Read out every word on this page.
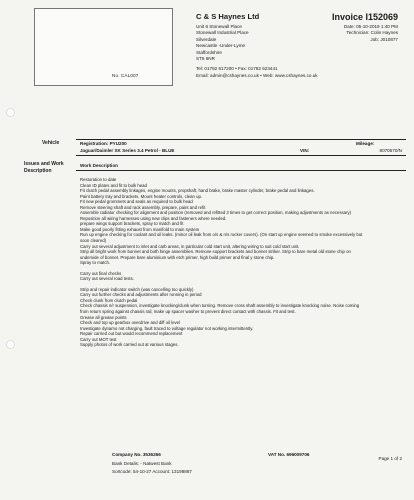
No. CAL007
C & S Haynes Ltd
Unit 6 Stonewall Place
Stonewall Industrial Place
Silverdale
Newcastle -Under-Lyme
Staffordshire
ST5 6NR
Tel: 01782 617200 • Fax: 01782 623441
Email: admin@cshaynes.co.uk • Web: www.cshaynes.co.uk
Invoice I152069
Date: 05-10-2019 1:40 PM
Technician: Colin Haynes
Job: J010877
Vehicle	Registration: PYU200	Mileage:
Jaguar/Daimler XK Series 3.4 Petrol - BLUE	VIN:	8070570/N
Issues and Work Description
Work Description
Restoration to date
Clean ID plates and fit to bulk head
Fit clutch pedal assembly linkages, engine mounts, propshaft, hand brake, brake master cylinder, brake pedal and linkages.
Paint battery tray and brackets. Mount heater controls, clean up.
Fit new pedal grommets and seals as required to bulk head
Remove steering shaft and rack assembly, prepare, paint and refit
Assemble radiator checking for alignment and position (removed and refitted 3 times to get correct position, making adjustments as necessary)
Reposition all wiring harnesses using new clips and fasteners where needed.
prepare wings support brackets, spray to match and fit
Make good poorly fitting exhaust from manifold to main system
Run up engine checking for coolant and oil leaks. (minor oil leak from o/s & n/s rocker covers). (On start up engine seemed to smoke excessively but
soon cleared)
Carry out several adjustment to inlet and carb areas, in particular cold start unit, altering wiring to suit cold start unit.
Strip all bright work from bonnet and both hinge assemblies. Remove support brackets and bonnet striker. Strip to bare metal old stone chip on
underside of bonnet. Prepare bare aluminium with etch primer, high build primer and final y stone chip.
Spray to match.
Carry out final checks
Carry out several road tests.
Strip and repair indicator switch (was cancelling too quickly)
Carry out further checks and adjustments after running in period
Check clunk from clutch pedal
Check chassis n/r suspension, investigate knocking/clunk when turning. Remove cross shaft assembly to investigate knocking noise. Noise coming
from return spring against chassis rail, make up spacer washer to prevent direct contact with chassis. Fit and test.
Grease all grease points
Check and top up gearbox overdrive and diff oil level
Investigate dynamo not charging, fault traced to voltage regulator not working intermittently.
Repair carried out but would recommend replacement
Carry out MOT test
Supply photos of work carried out at various stages.
Company No. 3536266	VAT No. 696009706
Bank Details: - Natwest Bank
Sortcode: 54-10-27 Account: 13198887
Page 1 of 2
